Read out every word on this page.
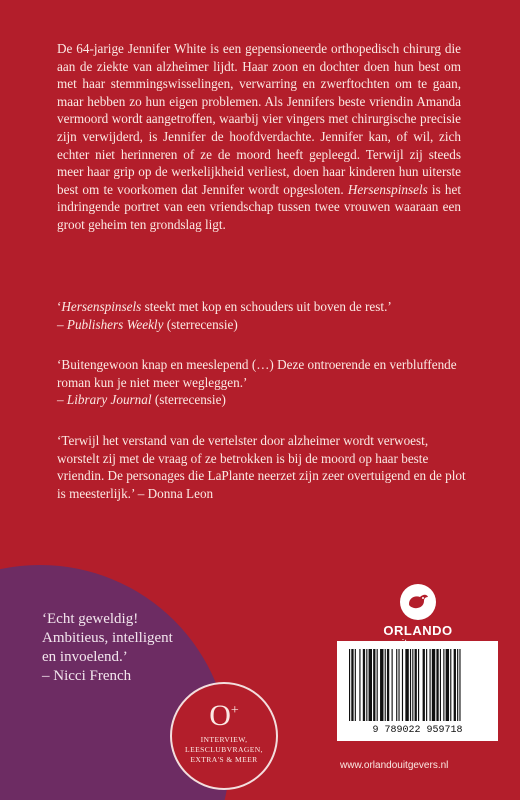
De 64-jarige Jennifer White is een gepensioneerde orthopedisch chirurg die aan de ziekte van alzheimer lijdt. Haar zoon en dochter doen hun best om met haar stemmingswisselingen, verwarring en zwerftochten om te gaan, maar hebben zo hun eigen problemen. Als Jennifers beste vriendin Amanda vermoord wordt aangetroffen, waarbij vier vingers met chirurgische precisie zijn verwijderd, is Jennifer de hoofdverdachte. Jennifer kan, of wil, zich echter niet herinneren of ze de moord heeft gepleegd. Terwijl zij steeds meer haar grip op de werkelijkheid verliest, doen haar kinderen hun uiterste best om te voorkomen dat Jennifer wordt opgesloten. Hersenspinsels is het indringende portret van een vriendschap tussen twee vrouwen waaraan een groot geheim ten grondslag ligt.

‘Hersenspinsels steekt met kop en schouders uit boven de rest.’
– Publishers Weekly (sterrecensie)

‘Buitengewoon knap en meeslepend (…) Deze ontroerende en verbluffende roman kun je niet meer wegleggen.’
– Library Journal (sterrecensie)

‘Terwijl het verstand van de vertelster door alzheimer wordt verwoest, worstelt zij met de vraag of ze betrokken is bij de moord op haar beste vriendin. De personages die LaPlante neerzet zijn zeer overtuigend en de plot is meesterlijk.’ – Donna Leon

‘Echt geweldig!
Ambitieus, intelligent
en invoelend.’
– Nicci French

O+
INTERVIEW,
LEESCLUBVRAGEN,
EXTRA'S & MEER
ORLANDO
9 789022 959718
www.orlandouitgevers.nl
